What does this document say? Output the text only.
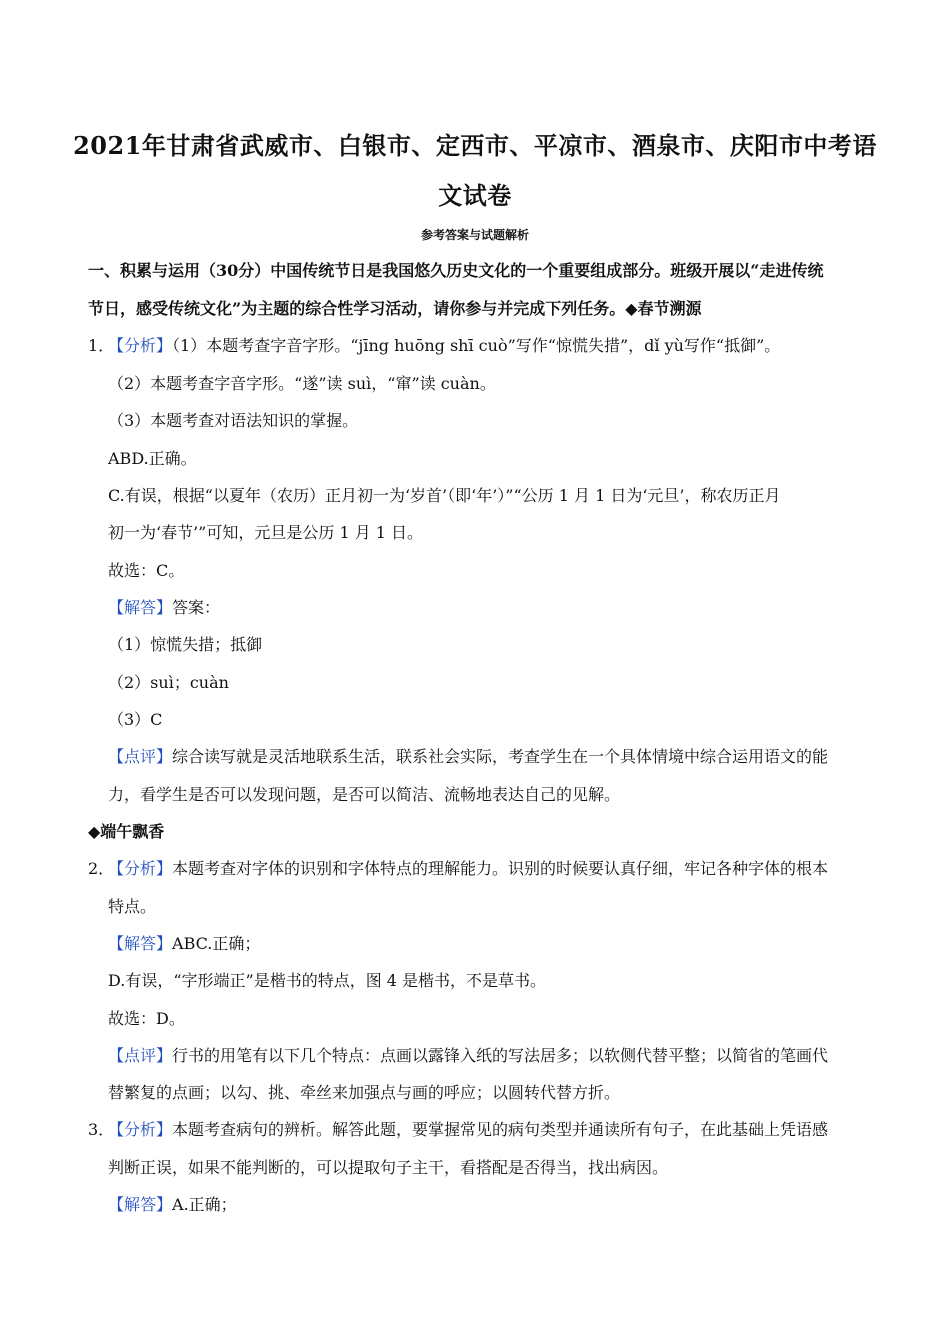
2021年甘肃省武威市、白银市、定西市、平凉市、酒泉市、庆阳市中考语
文试卷
参考答案与试题解析
一、积累与运用（30分）中国传统节日是我国悠久历史文化的一个重要组成部分。班级开展以“走进传统
节日，感受传统文化”为主题的综合性学习活动，请你参与并完成下列任务。◆春节溯源
1．
【分析】（1）本题考查字音字形。“jīng huōng shī cuò”写作“惊慌失措”，dǐ yù写作“抵御”。
（2）本题考查字音字形。“遂”读 suì，“窜”读 cuàn。
（3）本题考查对语法知识的掌握。
ABD.正确。
C.有误，根据“以夏年（农历）正月初一为‘岁首’（即‘年’）”“公历 1 月 1 日为‘元旦’，称农历正月
初一为‘春节’”可知，元旦是公历 1 月 1 日。
故选：C。
【解答】答案：
（1）惊慌失措；抵御
（2）suì；cuàn
（3）C
【点评】综合读写就是灵活地联系生活，联系社会实际，考查学生在一个具体情境中综合运用语文的能
力，看学生是否可以发现问题，是否可以简洁、流畅地表达自己的见解。
◆端午飘香
2．
【分析】本题考查对字体的识别和字体特点的理解能力。识别的时候要认真仔细，牢记各种字体的根本
特点。
【解答】ABC.正确；
D.有误，“字形端正”是楷书的特点，图 4 是楷书，不是草书。
故选：D。
【点评】行书的用笔有以下几个特点：点画以露锋入纸的写法居多；以软侧代替平整；以简省的笔画代
替繁复的点画；以勾、挑、牵丝来加强点与画的呼应；以圆转代替方折。
3．
【分析】本题考查病句的辨析。解答此题，要掌握常见的病句类型并通读所有句子，在此基础上凭语感
判断正误，如果不能判断的，可以提取句子主干，看搭配是否得当，找出病因。
【解答】A.正确；
